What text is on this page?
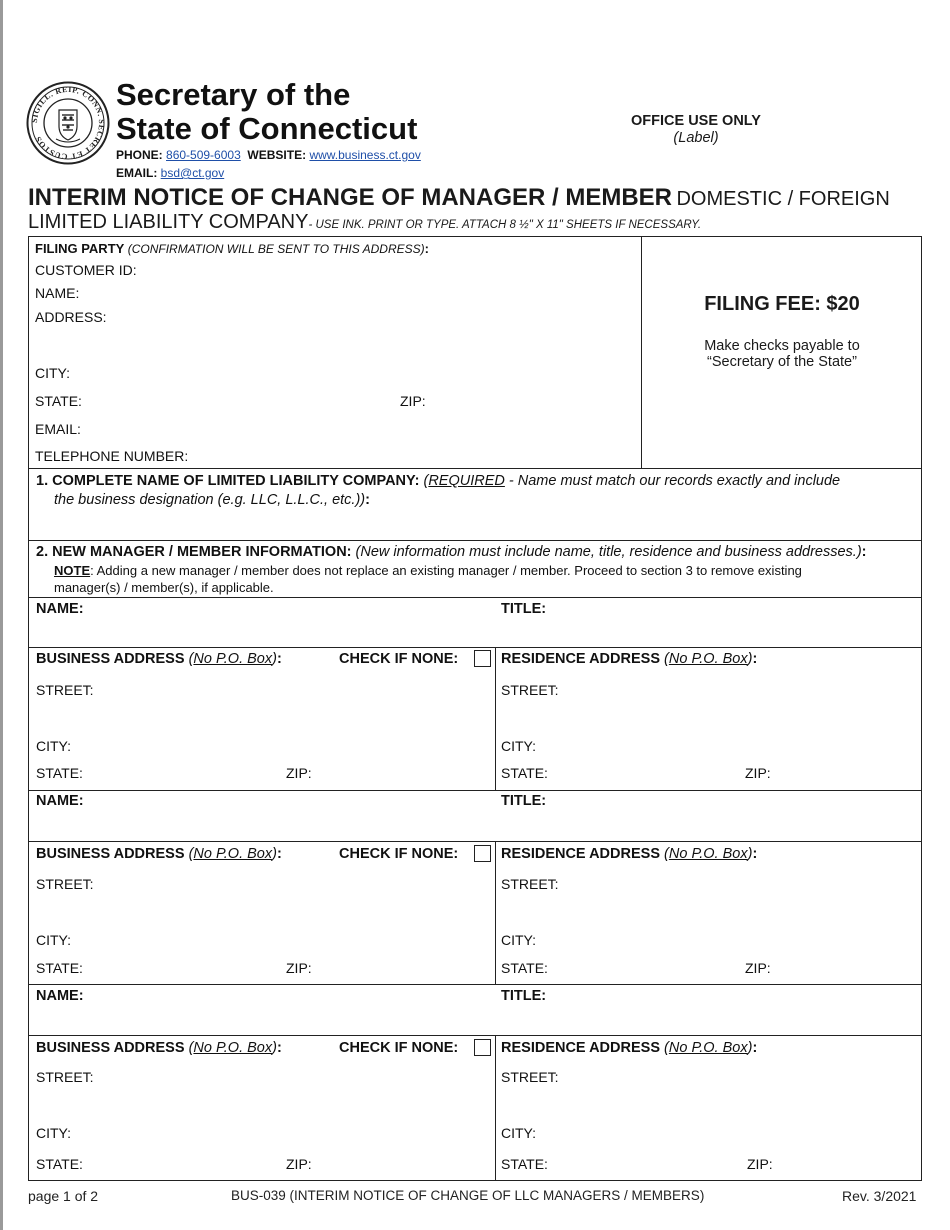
SIGILL. REIP. CONN. SECRET ET CUSTOS
Secretary of the
State of Connecticut
PHONE: 860-509-6003 WEBSITE: www.business.ct.gov
EMAIL: bsd@ct.gov
OFFICE USE ONLY
(Label)
INTERIM NOTICE OF CHANGE OF MANAGER / MEMBER DOMESTIC / FOREIGN
LIMITED LIABILITY COMPANY- USE INK. PRINT OR TYPE. ATTACH 8 ½" X 11" SHEETS IF NECESSARY.
FILING PARTY (CONFIRMATION WILL BE SENT TO THIS ADDRESS):
CUSTOMER ID:
NAME:
ADDRESS:
CITY:
STATE:	ZIP:
EMAIL:
TELEPHONE NUMBER:
FILING FEE: $20
Make checks payable to
“Secretary of the State”
1. COMPLETE NAME OF LIMITED LIABILITY COMPANY: (REQUIRED - Name must match our records exactly and include
the business designation (e.g. LLC, L.L.C., etc.)):
2. NEW MANAGER / MEMBER INFORMATION: (New information must include name, title, residence and business addresses.):
NOTE: Adding a new manager / member does not replace an existing manager / member. Proceed to section 3 to remove existing
manager(s) / member(s), if applicable.
NAME:	TITLE:
BUSINESS ADDRESS (No P.O. Box):	CHECK IF NONE:	RESIDENCE ADDRESS (No P.O. Box):
STREET:	STREET:
CITY:	CITY:
STATE:	ZIP:	STATE:	ZIP:
NAME:	TITLE:
BUSINESS ADDRESS (No P.O. Box):	CHECK IF NONE:	RESIDENCE ADDRESS (No P.O. Box):
STREET:	STREET:
CITY:	CITY:
STATE:	ZIP:	STATE:	ZIP:
NAME:	TITLE:
BUSINESS ADDRESS (No P.O. Box):	CHECK IF NONE:	RESIDENCE ADDRESS (No P.O. Box):
STREET:	STREET:
CITY:	CITY:
STATE:	ZIP:	STATE:	ZIP:
page 1 of 2	BUS-039 (INTERIM NOTICE OF CHANGE OF LLC MANAGERS / MEMBERS)	Rev. 3/2021
